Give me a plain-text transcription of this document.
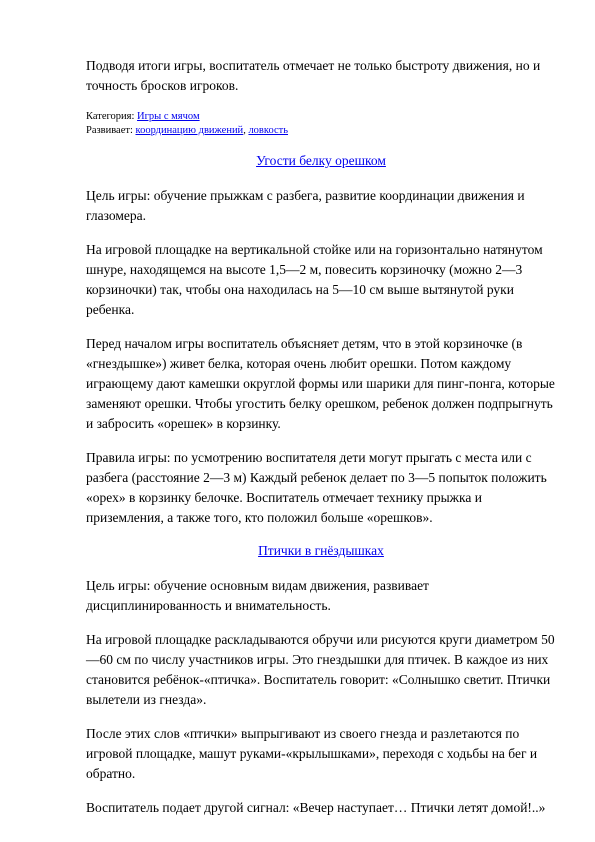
Подводя итоги игры, воспитатель отмечает не только быстроту движения, но и точность бросков игроков.

Категория: Игры с мячом

Развивает: координацию движений, ловкость

Угости белку орешком

Цель игры: обучение прыжкам с разбега, развитие координации движения и глазомера.

На игровой площадке на вертикальной стойке или на горизонтально натянутом шнуре, находящемся на высоте 1,5—2 м, повесить корзиночку (можно 2—3 корзиночки) так, чтобы она находилась на 5—10 см выше вытянутой руки ребенка.

Перед началом игры воспитатель объясняет детям, что в этой корзиночке (в «гнездышке») живет белка, которая очень любит орешки. Потом каждому играющему дают камешки округлой формы или шарики для пинг-понга, которые заменяют орешки. Чтобы угостить белку орешком, ребенок должен подпрыгнуть и забросить «орешек» в корзинку.

Правила игры: по усмотрению воспитателя дети могут прыгать с места или с разбега (расстояние 2—3 м) Каждый ребенок делает по 3—5 попыток положить «орех» в корзинку белочке. Воспитатель отмечает технику прыжка и приземления, а также того, кто положил больше «орешков».

Птички в гнёздышках

Цель игры: обучение основным видам движения, развивает дисциплинированность и внимательность.

На игровой площадке раскладываются обручи или рисуются круги диаметром 50—60 см по числу участников игры. Это гнездышки для птичек. В каждое из них становится ребёнок-«птичка». Воспитатель говорит: «Солнышко светит. Птички вылетели из гнезда».

После этих слов «птички» выпрыгивают из своего гнезда и разлетаются по игровой площадке, машут руками-«крылышками», переходя с ходьбы на бег и обратно.

Воспитатель подает другой сигнал: «Вечер наступает… Птички летят домой!..»
